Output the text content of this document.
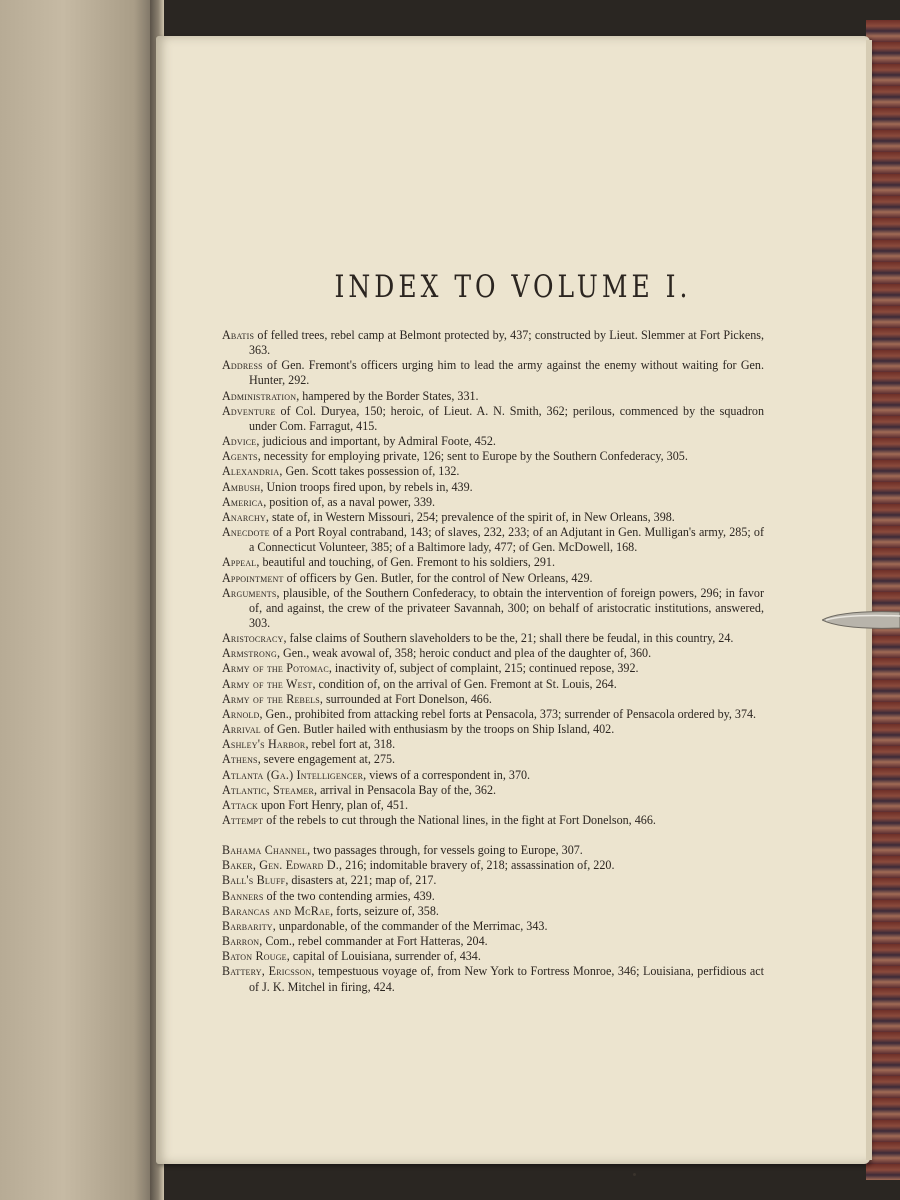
INDEX TO VOLUME I.
Abatis of felled trees, rebel camp at Belmont protected by, 437; constructed by Lieut. Slemmer at Fort Pickens, 363.
Address of Gen. Fremont's officers urging him to lead the army against the enemy without waiting for Gen. Hunter, 292.
Administration, hampered by the Border States, 331.
Adventure of Col. Duryea, 150; heroic, of Lieut. A. N. Smith, 362; perilous, commenced by the squadron under Com. Farragut, 415.
Advice, judicious and important, by Admiral Foote, 452.
Agents, necessity for employing private, 126; sent to Europe by the Southern Confederacy, 305.
Alexandria, Gen. Scott takes possession of, 132.
Ambush, Union troops fired upon, by rebels in, 439.
America, position of, as a naval power, 339.
Anarchy, state of, in Western Missouri, 254; prevalence of the spirit of, in New Orleans, 398.
Anecdote of a Port Royal contraband, 143; of slaves, 232, 233; of an Adjutant in Gen. Mulligan's army, 285; of a Connecticut Volunteer, 385; of a Baltimore lady, 477; of Gen. McDowell, 168.
Appeal, beautiful and touching, of Gen. Fremont to his soldiers, 291.
Appointment of officers by Gen. Butler, for the control of New Orleans, 429.
Arguments, plausible, of the Southern Confederacy, to obtain the intervention of foreign powers, 296; in favor of, and against, the crew of the privateer Savannah, 300; on behalf of aristocratic institutions, answered, 303.
Aristocracy, false claims of Southern slaveholders to be the, 21; shall there be feudal, in this country, 24.
Armstrong, Gen., weak avowal of, 358; heroic conduct and plea of the daughter of, 360.
Army of the Potomac, inactivity of, subject of complaint, 215; continued repose, 392.
Army of the West, condition of, on the arrival of Gen. Fremont at St. Louis, 264.
Army of the Rebels, surrounded at Fort Donelson, 466.
Arnold, Gen., prohibited from attacking rebel forts at Pensacola, 373; surrender of Pensacola ordered by, 374.
Arrival of Gen. Butler hailed with enthusiasm by the troops on Ship Island, 402.
Ashley's Harbor, rebel fort at, 318.
Athens, severe engagement at, 275.
Atlanta (Ga.) Intelligencer, views of a correspondent in, 370.
Atlantic, Steamer, arrival in Pensacola Bay of the, 362.
Attack upon Fort Henry, plan of, 451.
Attempt of the rebels to cut through the National lines, in the fight at Fort Donelson, 466.
Bahama Channel, two passages through, for vessels going to Europe, 307.
Baker, Gen. Edward D., 216; indomitable bravery of, 218; assassination of, 220.
Ball's Bluff, disasters at, 221; map of, 217.
Banners of the two contending armies, 439.
Barancas and McRae, forts, seizure of, 358.
Barbarity, unpardonable, of the commander of the Merrimac, 343.
Barron, Com., rebel commander at Fort Hatteras, 204.
Baton Rouge, capital of Louisiana, surrender of, 434.
Battery, Ericsson, tempestuous voyage of, from New York to Fortress Monroe, 346; Louisiana, perfidious act of J. K. Mitchel in firing, 424.
